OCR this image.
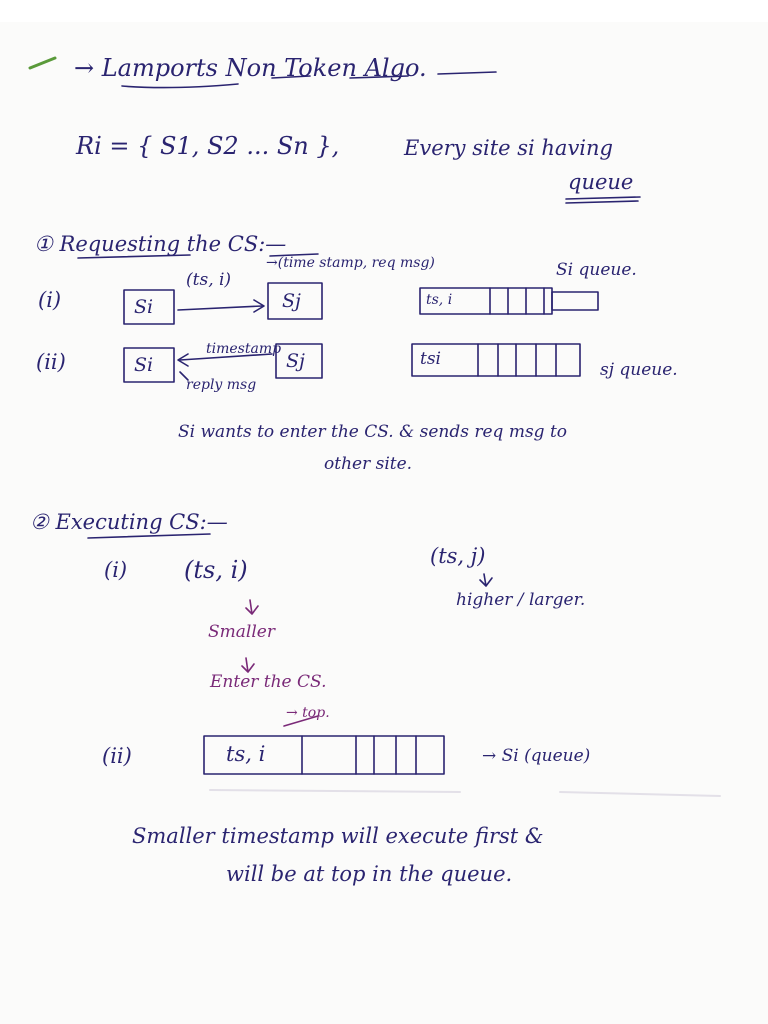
→ Lamports Non Token Algo.
Ri = { S1, S2 ... Sn },	Every site si having
queue
① Requesting the CS:—
→(time stamp, req msg)
(i)	Si	Sj
(ts, i)
ts, i
Si queue.
(ii)	Si	Sj
timestamp
reply msg
tsi
sj queue.
Si wants to enter the CS. & sends req msg to
other site.
② Executing CS:—
(i) (ts, i)	(ts, j)
higher / larger.
Smaller
Enter the CS.
→ top.
(ii)	ts, i	→ Si (queue)
Smaller timestamp will execute first &
will be at top in the queue.
